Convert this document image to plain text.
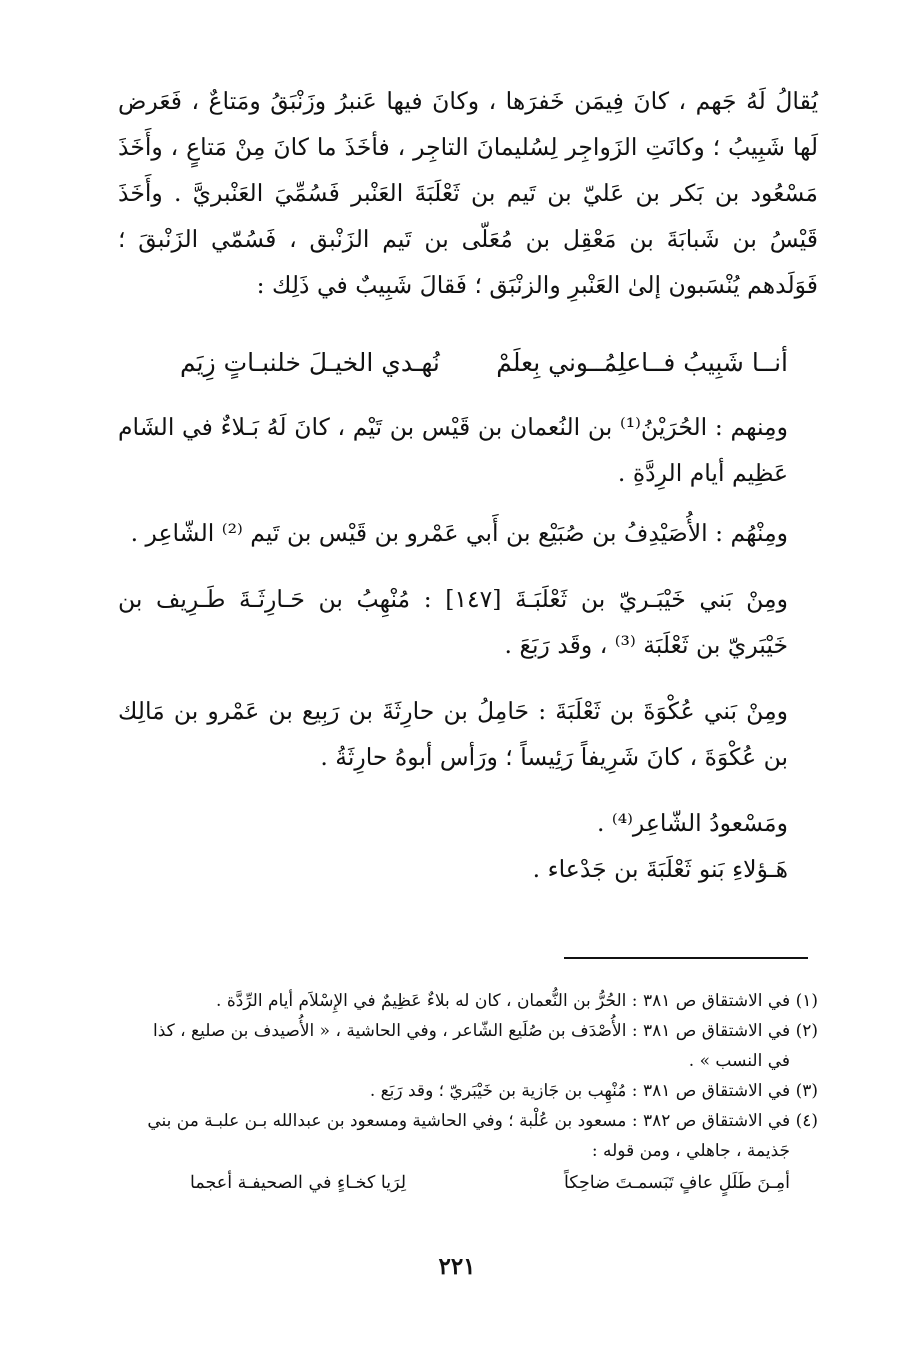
يُقالُ لَهُ جَهم ، كانَ فِيمَن خَفرَها ، وكانَ فيها عَنبرُ وزَنْبَقُ ومَتاعٌ ، فَعَرض لَها شَبِيبُ ؛ وكانَتِ الزَواجِر لِسُليمانَ التاجِر ، فأخَذَ ما كانَ مِنْ مَتاعٍ ، وأَخَذَ مَسْعُود بن بَكر بن عَليّ بن تَيم بن ثَعْلَبَةَ العَنْبر فَسُمِّيَ العَنْبريَّ . وأَخَذَ قَيْسُ بن شَبابَةَ بن مَعْقِل بن مُعَلّى بن تَيم الزَنْبق ، فَسُمّي الزَنْبقَ ؛ فَوَلَدهم يُنْسَبون إلىٰ العَنْبرِ والزنْبَق ؛ فَقالَ شَبِيبٌ في ذَلِك :

أنــا شَبِيبُ فــاعلِمُــوني بِعلَمْ
نُهـدي الخيـلَ خلنبـاتٍ زِيَم

ومِنهم : الحُرَيْنُ⁽¹⁾ بن النُعمان بن قَيْس بن تَيْم ، كانَ لَهُ بَـلاءٌ في الشَام عَظِيم أيام الرِدَّةِ .

ومِنْهُم : الأُصَيْدِفُ بن صُبَيْع بن أَبي عَمْرو بن قَيْس بن تَيم ⁽²⁾ الشّاعِر .

ومِنْ بَني خَيْبَـريّ بن ثَعْلَبَـةَ [١٤٧] : مُنْهِبُ بن حَـارِثَـةَ طَـرِيف بن خَيْبَريّ بن ثَعْلَبَة ⁽³⁾ ، وقَد رَبَعَ .

ومِنْ بَني عُكْوَةَ بن ثَعْلَبَةَ : حَامِلُ بن حارِثَةَ بن رَبِيع بن عَمْرو بن مَالِك بن عُكْوَةَ ، كانَ شَرِيفاً رَئِيساً ؛ ورَأس أبوهُ حارِثَةُ .

ومَسْعودُ الشّاعِر⁽⁴⁾ .

هَـؤلاءِ بَنو ثَعْلَبَةَ بن جَدْعاء .

(١) في الاشتقاق ص ٣٨١ : الحُرُّ بن النُّعمان ، كان له بلاءٌ عَظِيمٌ في الإِسْلاَم أيام الرِّدَّة .

(٢) في الاشتقاق ص ٣٨١ : الأُصْدَف بن صُلَيع الشّاعر ، وفي الحاشية ، « الأُصيدف بن صليع ، كذا

في النسب » .

(٣) في الاشتقاق ص ٣٨١ : مُنْهِب بن جَازية بن خَيْبَريّ ؛ وقد رَبَع .

(٤) في الاشتقاق ص ٣٨٢ : مسعود بن عُلْبة ؛ وفي الحاشية ومسعود بن عبدالله بـن علبـة من بني

جَذيمة ، جاهلي ، ومن قوله :

أمِـنَ طَلَلٍ عافٍ تَبَسمـتَ ضاحِكاً
لِرَيا كخـاءٍ في الصحيفـة أعجما
٢٢١
